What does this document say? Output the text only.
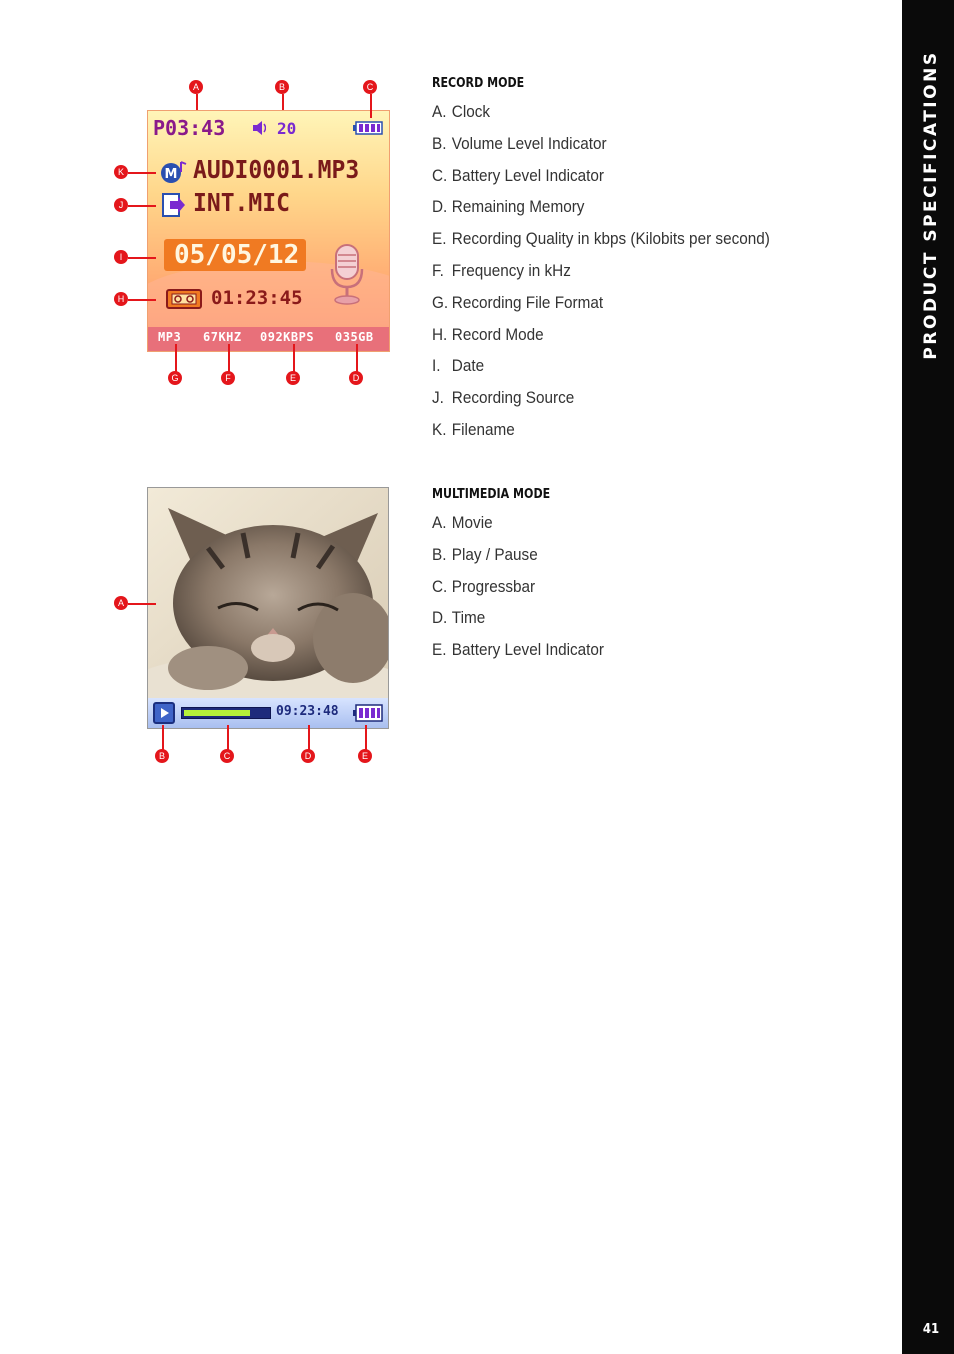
PRODUCT SPECIFICATIONS
41
RECORD MODE
A. Clock
B. Volume Level Indicator
C. Battery Level Indicator
D. Remaining Memory
E. Recording Quality in kbps (Kilobits per second)
F. Frequency in kHz
G. Recording File Format
H. Record Mode
I. Date
J. Recording Source
K. Filename
MULTIMEDIA MODE
A. Movie
B. Play / Pause
C. Progressbar
D. Time
E. Battery Level Indicator
P03:43	20
M AUDI0001.MP3
INT.MIC
05/05/12
01:23:45
MP3 67KHZ 092KBPS 035GB
A	B	C
K
J
I
H
G	F	E	D
09:23:48
A
B	C	D	E
